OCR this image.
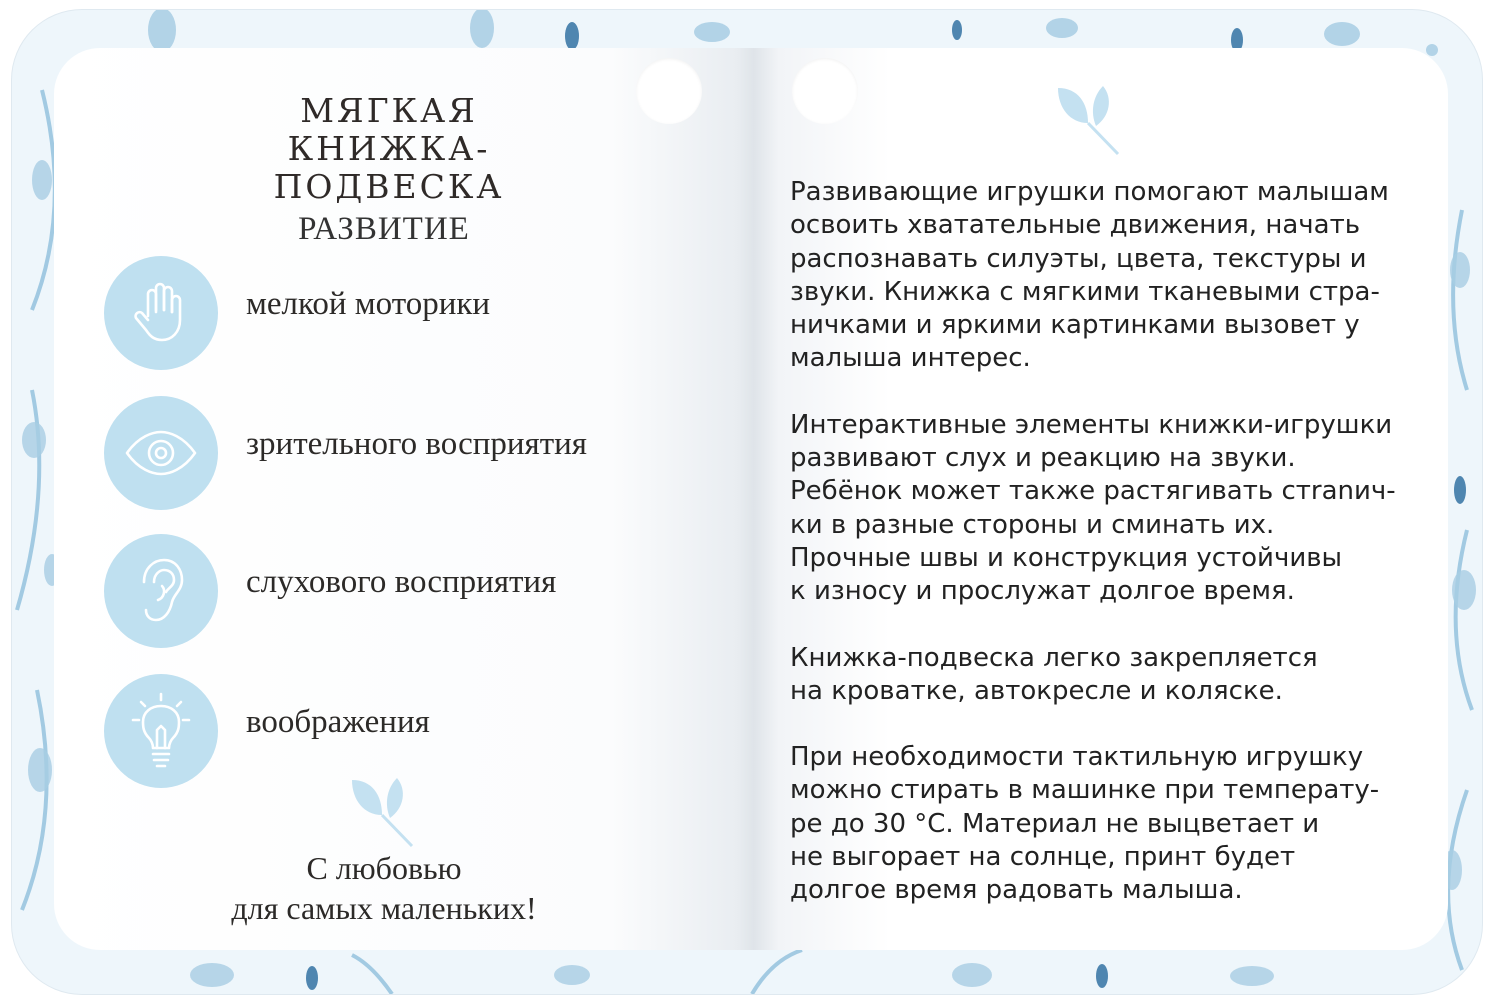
МЯГКАЯ
КНИЖКА-ПОДВЕСКА
РАЗВИТИЕ
мелкой моторики
зрительного восприятия
слухового восприятия
воображения
С любовью
для самых маленьких!

Развивающие игрушки помогают малышам
освоить хватательные движения, начать
распознавать силуэты, цвета, текстуры и
звуки. Книжка с мягкими тканевыми стра-
ничками и яркими картинками вызовет у
малыша интерес.

Интерактивные элементы книжки-игрушки
развивают слух и реакцию на звуки.
Ребёнок может также растягивать стranич-
ки в разные стороны и сминать их.
Прочные швы и конструкция устойчивы
к износу и прослужат долгое время.

Книжка-подвеска легко закрепляется
на кроватке, автокресле и коляске.

При необходимости тактильную игрушку
можно стирать в машинке при температу-
ре до 30 °С. Материал не выцветает и
не выгорает на солнце, принт будет
долгое время радовать малыша.
